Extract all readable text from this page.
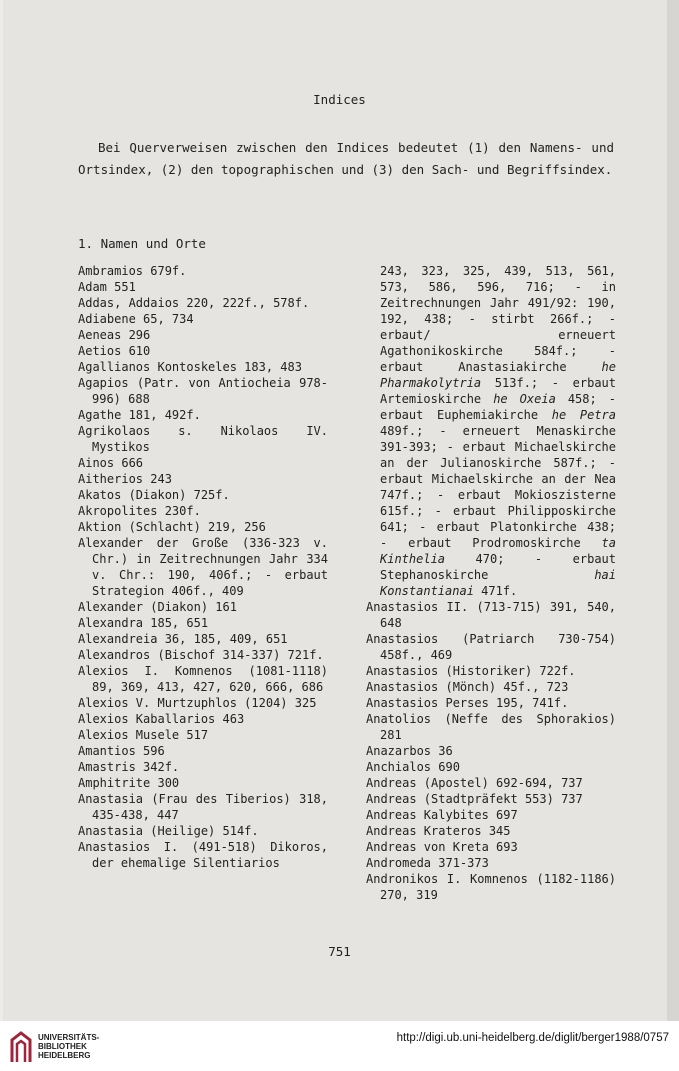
Indices

Bei Querverweisen zwischen den Indices bedeutet (1) den Namens- und Ortsindex, (2) den topographischen und (3) den Sach- und Begriffsindex.

1. Namen und Orte
Ambramios 679f.
Adam 551
Addas, Addaios 220, 222f., 578f.
Adiabene 65, 734
Aeneas 296
Aetios 610
Agallianos Kontoskeles 183, 483
Agapios (Patr. von Antiocheia 978-996) 688
Agathe 181, 492f.
Agrikolaos s. Nikolaos IV. Mystikos
Ainos 666
Aitherios 243
Akatos (Diakon) 725f.
Akropolites 230f.
Aktion (Schlacht) 219, 256
Alexander der Große (336-323 v. Chr.) in Zeitrechnungen Jahr 334 v. Chr.: 190, 406f.; - erbaut Strategion 406f., 409
Alexander (Diakon) 161
Alexandra 185, 651
Alexandreia 36, 185, 409, 651
Alexandros (Bischof 314-337) 721f.
Alexios I. Komnenos (1081-1118) 89, 369, 413, 427, 620, 666, 686
Alexios V. Murtzuphlos (1204) 325
Alexios Kaballarios 463
Alexios Musele 517
Amantios 596
Amastris 342f.
Amphitrite 300
Anastasia (Frau des Tiberios) 318, 435-438, 447
Anastasia (Heilige) 514f.
Anastasios I. (491-518) Dikoros, der ehemalige Silentiarios
243, 323, 325, 439, 513, 561, 573, 586, 596, 716; - in Zeitrechnungen Jahr 491/92: 190, 192, 438; - stirbt 266f.; - erbaut/ erneuert Agathonikoskirche 584f.; - erbaut Anastasiakirche he Pharmakolytria 513f.; - erbaut Artemioskirche he Oxeia 458; - erbaut Euphemiakirche he Petra 489f.; - erneuert Menaskirche 391-393; - erbaut Michaelskirche an der Julianoskirche 587f.; - erbaut Michaelskirche an der Nea 747f.; - erbaut Mokioszisterne 615f.; - erbaut Philipposkirche 641; - erbaut Platonkirche 438; - erbaut Prodromoskirche ta Kinthelia 470; - erbaut Stephanoskirche hai Konstantianai 471f.
Anastasios II. (713-715) 391, 540, 648
Anastasios (Patriarch 730-754) 458f., 469
Anastasios (Historiker) 722f.
Anastasios (Mönch) 45f., 723
Anastasios Perses 195, 741f.
Anatolios (Neffe des Sphorakios) 281
Anazarbos 36
Anchialos 690
Andreas (Apostel) 692-694, 737
Andreas (Stadtpräfekt 553) 737
Andreas Kalybites 697
Andreas Krateros 345
Andreas von Kreta 693
Andromeda 371-373
Andronikos I. Komnenos (1182-1186) 270, 319
751
UNIVERSITÄTS-
BIBLIOTHEK
HEIDELBERG
http://digi.ub.uni-heidelberg.de/diglit/berger1988/0757
